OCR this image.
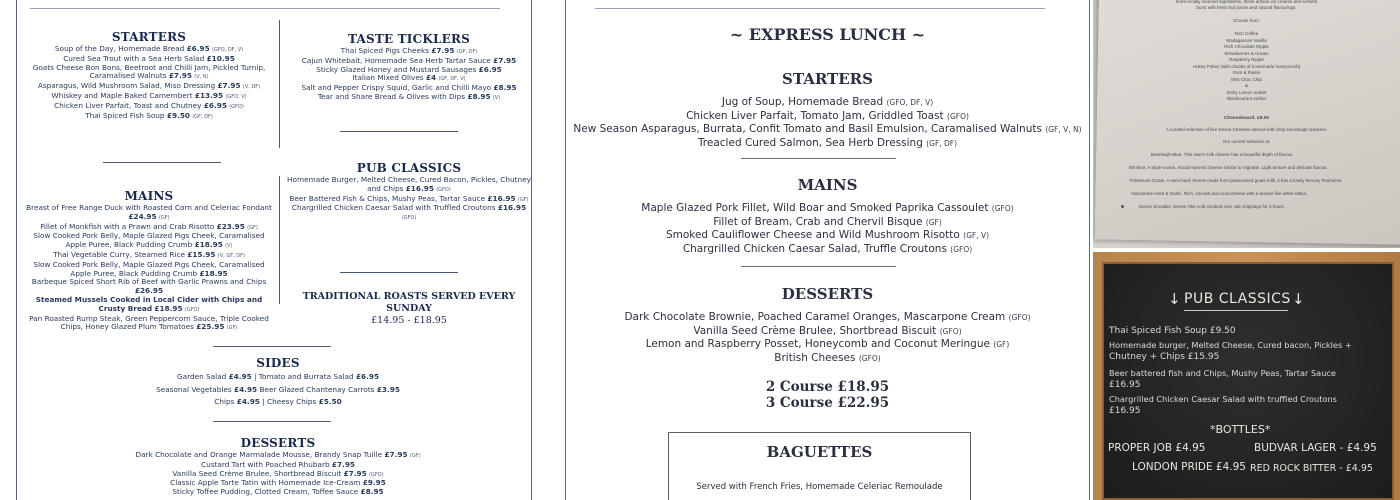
STARTERS
Soup of the Day, Homemade Bread £6.95 (GFO, DF, V)
Cured Sea Trout with a Sea Herb Salad £10.95
Goats Cheese Bon Bons, Beetroot and Chilli Jam, Pickled Turnip, Caramalised Walnuts £7.95 (V, N)
Asparagus, Wild Mushroom Salad, Miso Dressing £7.95 (V, DF)
Whiskey and Maple Baked Camembert £13.95 (GFO, V)
Chicken Liver Parfait, Toast and Chutney £6.95 (GFO)
Thai Spiced Fish Soup £9.50 (GF, DF)
TASTE TICKLERS
Thai Spiced Pigs Cheeks £7.95 (GF, DF)
Cajun Whitebait, Homemade Sea Herb Tartar Sauce £7.95
Sticky Glazed Honey and Mustard Sausages £6.95
Italian Mixed Olives £4 (GF, DF, V)
Salt and Pepper Crispy Squid, Garlic and Chilli Mayo £8.95
Tear and Share Bread & Olives with Dips £8.95 (V)
MAINS
Breast of Free Range Duck with Roasted Corn and Celeriac Fondant £24.95 (GF)
Fillet of Monkfish with a Prawn and Crab Risotto £23.95 (GF)
Slow Cooked Pork Belly, Maple Glazed Pigs Cheek, Caramalised Apple Puree, Black Pudding Crumb £18.95 (V)
Thai Vegetable Curry, Steamed Rice £15.95 (V, GF, DF)
Slow Cooked Pork Belly, Maple Glazed Pigs Cheek, Caramalised Apple Puree, Black Pudding Crumb £18.95
Barbeque Spiced Short Rib of Beef with Garlic Prawns and Chips £26.95
Steamed Mussels Cooked in Local Cider with Chips and Crusty Bread £18.95 (GFO)
Pan Roasted Rump Steak, Green Peppercorn Sauce, Triple Cooked Chips, Honey Glazed Plum Tomatoes £25.95 (GF)
PUB CLASSICS
Homemade Burger, Melted Cheese, Cured Bacon, Pickles, Chutney and Chips £16.95 (GFO)
Beer Battered Fish & Chips, Mushy Peas, Tartar Sauce £16.95 (GF)
Chargrilled Chicken Caesar Salad with Truffled Croutons £16.95 (GFO)
TRADITIONAL ROASTS SERVED EVERY SUNDAY
£14.95 - £18.95
SIDES
Garden Salad £4.95 | Tomato and Burrata Salad £6.95
Seasonal Vegetables £4.95 Beer Glazed Chantenay Carrots £3.95
Chips £4.95 | Cheesy Chips £5.50
DESSERTS
Dark Chocolate and Orange Marmalade Mousse, Brandy Snap Tuille £7.95 (GF)
Custard Tart with Poached Rhubarb £7.95
Vanilla Seed Crème Brulee, Shortbread Biscuit £7.95 (GFO)
Classic Apple Tarte Tatin with Homemade Ice-Cream £9.95
Sticky Toffee Pudding, Clotted Cream, Toffee Sauce £8.95
~ EXPRESS LUNCH ~
STARTERS
Jug of Soup, Homemade Bread (GFO, DF, V)
Chicken Liver Parfait, Tomato Jam, Griddled Toast (GFO)
New Season Asparagus, Burrata, Confit Tomato and Basil Emulsion, Caramalised Walnuts (GF, V, N)
Treacled Cured Salmon, Sea Herb Dressing (GF, DF)
MAINS
Maple Glazed Pork Fillet, Wild Boar and Smoked Paprika Cassoulet (GFO)
Fillet of Bream, Crab and Chervil Bisque (GF)
Smoked Cauliflower Cheese and Wild Mushroom Risotto (GF, V)
Chargrilled Chicken Caesar Salad, Truffle Croutons (GFO)
DESSERTS
Dark Chocolate Brownie, Poached Caramel Oranges, Mascarpone Cream (GFO)
Vanilla Seed Crème Brulee, Shortbread Biscuit (GFO)
Lemon and Raspberry Posset, Honeycomb and Coconut Meringue (GF)
British Cheeses (GFO)
2 Course £18.95
3 Course £22.95
BAGUETTES
Served with French Fries, Homemade Celeriac Remoulade
finest locally sourced ingredients, these artisan ice creams and sorbets
burst with fresh fruit juices and natural flavourings.
Choose from:
Rich Coffee
Madagascan Vanilla
Rich Chocolate Ripple
Strawberries & Cream
Raspberry Ripple
Hokey Pokey (with chunks of homemade honeycomb)
Rum & Raisin
Mint Choc Chip
&
Zesty Lemon sorbet
Blackcurrant sorbet
Cheeseboard. £9.00
A curated selection of five Devon Cheeses served with crisp sourdough crackers.
Our current selection is:
Beenleigh Blue. This ewe's milk cheese has a beautiful depth of flavour.
Elmhirst. A triple-cream, mould-ripened cheese similar to Vignotte. Light texture and delicate flavour.
Tickelmore Goats. A semi-hard cheese made from pasteurised goats milk, it has a lovely lemony freshness.
Vulscombe Herb & Garlic. Rich, smooth acid curd cheese with a texture like white stilton.
Devon Smoakie. Devon Oke cold smoked over oak chippings for 3 hours.
↓ PUB CLASSICS ↓
Thai Spiced Fish Soup £9.50
Homemade burger, Melted Cheese, Cured bacon, Pickles +
Chutney + Chips £15.95
Beer battered fish and Chips, Mushy Peas, Tartar Sauce
£16.95
Chargrilled Chicken Caesar Salad with truffled Croutons
£16.95
*BOTTLES*
PROPER JOB £4.95	BUDVAR LAGER - £4.95
LONDON PRIDE £4.95 RED ROCK BITTER - £4.95
